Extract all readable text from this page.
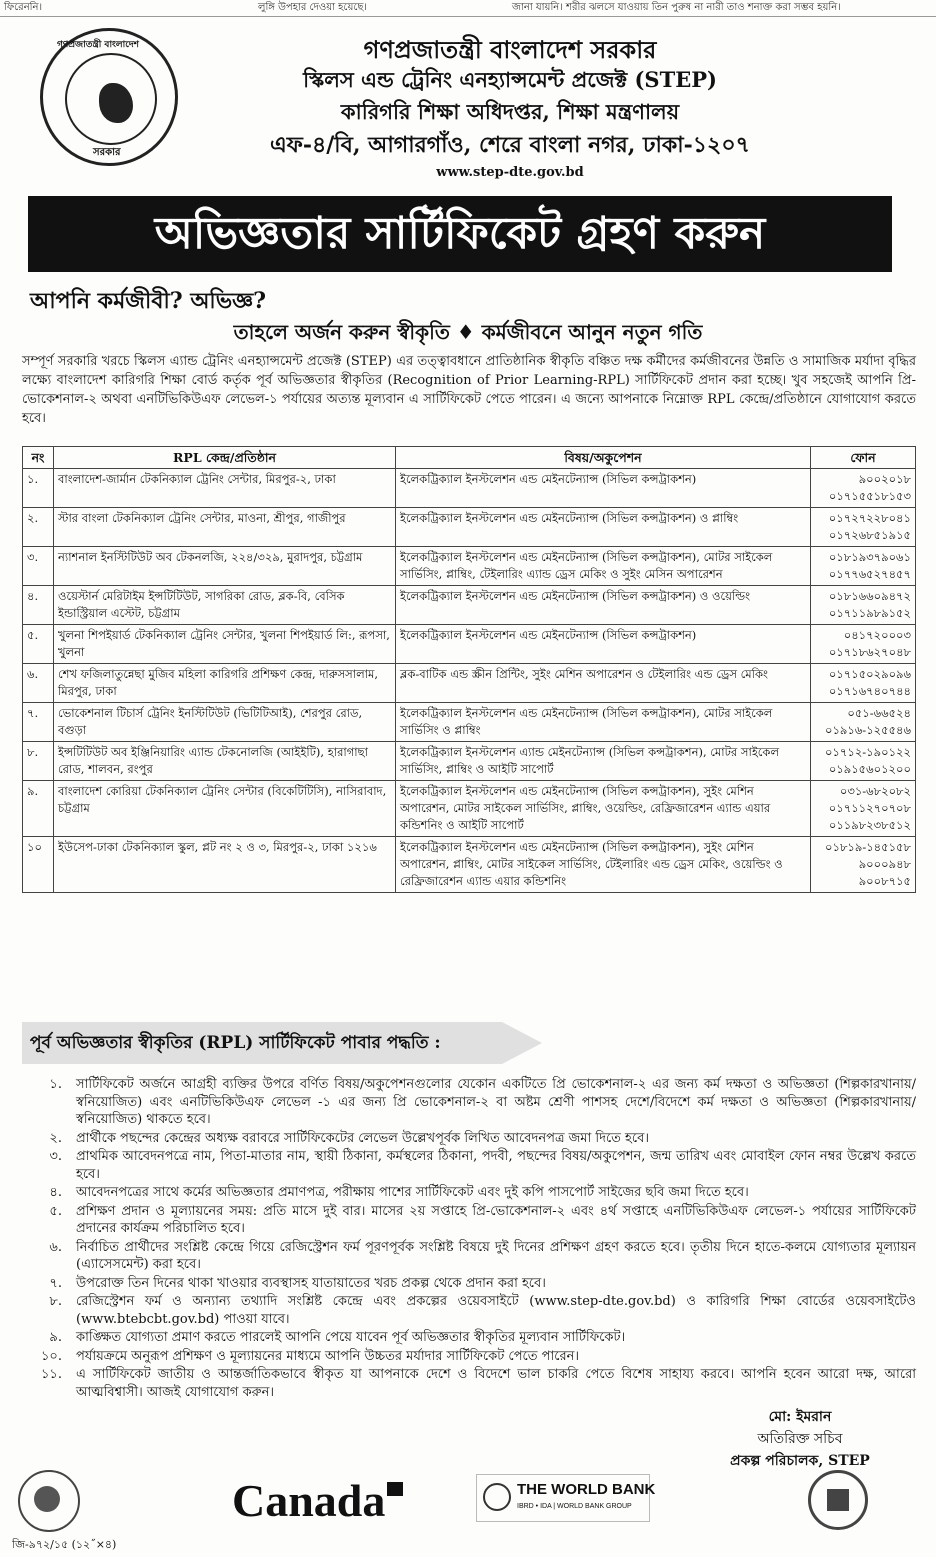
ফিরেননি।	লুঙ্গি উপহার দেওয়া হয়েছে।	জানা যায়নি। শরীর ঝলসে যাওয়ায় তিন পুরুষ না নারী তাও শনাক্ত করা সম্ভব হয়নি।
গণপ্রজাতন্ত্রী বাংলাদেশ
সরকার
গণপ্রজাতন্ত্রী বাংলাদেশ সরকার
স্কিলস এন্ড ট্রেনিং এনহ্যান্সমেন্ট প্রজেক্ট (STEP)
কারিগরি শিক্ষা অধিদপ্তর, শিক্ষা মন্ত্রণালয়
এফ-৪/বি, আগারগাঁও, শেরে বাংলা নগর, ঢাকা-১২০৭
www.step-dte.gov.bd
অভিজ্ঞতার সার্টিফিকেট গ্রহণ করুন
আপনি কর্মজীবী? অভিজ্ঞ?
তাহলে অর্জন করুন স্বীকৃতি ♦ কর্মজীবনে আনুন নতুন গতি
সম্পূর্ণ সরকারি খরচে স্কিলস এ্যান্ড ট্রেনিং এনহ্যান্সমেন্ট প্রজেক্ট (STEP) এর তত্ত্বাবধানে প্রাতিষ্ঠানিক স্বীকৃতি বঞ্চিত দক্ষ কর্মীদের কর্মজীবনের উন্নতি ও সামাজিক মর্যাদা বৃদ্ধির লক্ষ্যে বাংলাদেশ কারিগরি শিক্ষা বোর্ড কর্তৃক পূর্ব অভিজ্ঞতার স্বীকৃতির (Recognition of Prior Learning-RPL) সার্টিফিকেট প্রদান করা হচ্ছে। খুব সহজেই আপনি প্রি-ভোকেশনাল-২ অথবা এনটিভিকিউএফ লেভেল-১ পর্যায়ের অত্যন্ত মূল্যবান এ সার্টিফিকেট পেতে পারেন। এ জন্যে আপনাকে নিম্নোক্ত RPL কেন্দ্রে/প্রতিষ্ঠানে যোগাযোগ করতে হবে।
নং	RPL কেন্দ্র/প্রতিষ্ঠান	বিষয়/অকুপেশন	ফোন
১.	বাংলাদেশ-জার্মান টেকনিক্যাল ট্রেনিং সেন্টার, মিরপুর-২, ঢাকা	ইলেকট্রিক্যাল ইনস্টলেশন এন্ড মেইনটেন্যান্স (সিভিল কন্সট্রাকশন)	৯০০২০১৮
০১৭১৫৫১৮১৫৩

২.	স্টার বাংলা টেকনিক্যাল ট্রেনিং সেন্টার, মাওনা, শ্রীপুর, গাজীপুর	ইলেকট্রিক্যাল ইনস্টলেশন এন্ড মেইনটেন্যান্স (সিভিল কন্সট্রাকশন) ও প্লাম্বিং	০১৭২৭২২৮০৪১
০১৭২৬৮৫১৯১৫

৩.	ন্যাশনাল ইনস্টিটিউট অব টেকনলজি, ২২৪/৩২৯, মুরাদপুর, চট্টগ্রাম	ইলেকট্রিক্যাল ইনস্টলেশন এন্ড মেইনটেন্যান্স (সিভিল কন্সট্রাকশন), মোটর সাইকেল সার্ভিসিং, প্লাম্বিং, টেইলারিং এ্যান্ড ড্রেস মেকিং ও সুইং মেসিন অপারেশন	০১৮১৯৩৭৯০৬১
০১৭৭৬৫২৭৪৫৭

৪.	ওয়েস্টার্ন মেরিটাইম ইন্সটিটিউট, সাগরিকা রোড, ব্লক-বি, বেসিক ইন্ডাস্ট্রিয়াল এস্টেট, চট্টগ্রাম	ইলেকট্রিক্যাল ইনস্টলেশন এন্ড মেইনটেন্যান্স (সিভিল কন্সট্রাকশন) ও ওয়েল্ডিং	০১৮১৬৬০৯৪৭২
০১৭১১৯৮৯১৫২

৫.	খুলনা শিপইয়ার্ড টেকনিক্যাল ট্রেনিং সেন্টার, খুলনা শিপইয়ার্ড লি:, রূপসা, খুলনা	ইলেকট্রিক্যাল ইনস্টলেশন এন্ড মেইনটেন্যান্স (সিভিল কন্সট্রাকশন)	০৪১৭২০০০৩
০১৭১৮৬২৭০৪৮

৬.	শেখ ফজিলাতুন্নেছা মুজিব মহিলা কারিগরি প্রশিক্ষণ কেন্দ্র, দারুসসালাম, মিরপুর, ঢাকা	ব্লক-বাটিক এন্ড স্ক্রীন প্রিন্টিং, সুইং মেশিন অপারেশন ও টেইলারিং এন্ড ড্রেস মেকিং	০১৭১৫০২৯০৯৬
০১৭১৬৭৪০৭৪৪

৭.	ভোকেশনাল টিচার্স ট্রেনিং ইনস্টিটিউট (ভিটিটিআই), শেরপুর রোড, বগুড়া	ইলেকট্রিক্যাল ইনস্টলেশন এন্ড মেইনটেন্যান্স (সিভিল কন্সট্রাকশন), মোটর সাইকেল সার্ভিসিং ও প্লাম্বিং	০৫১-৬৬৫২৪
০১৯১৬-১২৫৫৪৬

৮.	ইন্সটিটিউট অব ইঞ্জিনিয়ারিং এ্যান্ড টেকনোলজি (আইইটি), হারাগাছা রোড, শালবন, রংপুর	ইলেকট্রিক্যাল ইনস্টলেশন এ্যান্ড মেইনটেন্যান্স (সিভিল কন্সট্রাকশন), মোটর সাইকেল সার্ভিসিং, প্লাম্বিং ও আইটি সাপোর্ট	০১৭১২-১৯০১২২
০১৯১৫৬০১২০০

৯.	বাংলাদেশ কোরিয়া টেকনিক্যাল ট্রেনিং সেন্টার (বিকেটিটিসি), নাসিরাবাদ, চট্টগ্রাম	ইলেকট্রিক্যাল ইনস্টলেশন এন্ড মেইনটেন্যান্স (সিভিল কন্সট্রাকশন), সুইং মেশিন অপারেশন, মোটর সাইকেল সার্ভিসিং, প্লাম্বিং, ওয়েল্ডিং, রেফ্রিজারেশন এ্যান্ড এয়ার কন্ডিশনিং ও আইটি সাপোর্ট	০৩১-৬৮২০৮২
০১৭১১২৭০৭০৮
০১১৯৮২৩৮৫১২

১০	ইউসেপ-ঢাকা টেকনিক্যাল স্কুল, প্লট নং ২ ও ৩, মিরপুর-২, ঢাকা ১২১৬	ইলেকট্রিক্যাল ইনস্টলেশন এন্ড মেইনটেন্যান্স (সিভিল কন্সট্রাকশন), সুইং মেশিন অপারেশন, প্লাম্বিং, মোটর সাইকেল সার্ভিসিং, টেইলারিং এন্ড ড্রেস মেকিং, ওয়েল্ডিং ও রেফ্রিজারেশন এ্যান্ড এয়ার কন্ডিশনিং	০১৮১৯-১৪৫১৫৮
৯০০০৯৪৮
৯০০৮৭১৫
পূর্ব অভিজ্ঞতার স্বীকৃতির (RPL) সার্টিফিকেট পাবার পদ্ধতি :
১.	সার্টিফিকেট অর্জনে আগ্রহী ব্যক্তির উপরে বর্ণিত বিষয়/অকুপেশনগুলোর যেকোন একটিতে প্রি ভোকেশনাল-২ এর জন্য কর্ম দক্ষতা ও অভিজ্ঞতা (শিল্পকারখানায়/স্বনিয়োজিত) এবং এনটিভিকিউএফ লেভেল -১ এর জন্য প্রি ভোকেশনাল-২ বা অষ্টম শ্রেণী পাশসহ দেশে/বিদেশে কর্ম দক্ষতা ও অভিজ্ঞতা (শিল্পকারখানায়/স্বনিয়োজিত) থাকতে হবে।
২.	প্রার্থীকে পছন্দের কেন্দ্রের অধ্যক্ষ বরাবরে সার্টিফিকেটের লেভেল উল্লেখপূর্বক লিখিত আবেদনপত্র জমা দিতে হবে।
৩.	প্রাথমিক আবেদনপত্রে নাম, পিতা-মাতার নাম, স্থায়ী ঠিকানা, কর্মস্থলের ঠিকানা, পদবী, পছন্দের বিষয়/অকুপেশন, জন্ম তারিখ এবং মোবাইল ফোন নম্বর উল্লেখ করতে হবে।
৪.	আবেদনপত্রের সাথে কর্মের অভিজ্ঞতার প্রমাণপত্র, পরীক্ষায় পাশের সার্টিফিকেট এবং দুই কপি পাসপোর্ট সাইজের ছবি জমা দিতে হবে।
৫.	প্রশিক্ষণ প্রদান ও মূল্যায়নের সময়: প্রতি মাসে দুই বার। মাসের ২য় সপ্তাহে প্রি-ভোকেশনাল-২ এবং ৪র্থ সপ্তাহে এনটিভিকিউএফ লেভেল-১ পর্যায়ের সার্টিফিকেট প্রদানের কার্যক্রম পরিচালিত হবে।
৬.	নির্বাচিত প্রার্থীদের সংশ্লিষ্ট কেন্দ্রে গিয়ে রেজিস্ট্রেশন ফর্ম পূরণপূর্বক সংশ্লিষ্ট বিষয়ে দুই দিনের প্রশিক্ষণ গ্রহণ করতে হবে। তৃতীয় দিনে হাতে-কলমে যোগ্যতার মূল্যায়ন (এ্যাসেসমেন্ট) করা হবে।
৭.	উপরোক্ত তিন দিনের থাকা খাওয়ার ব্যবস্থাসহ যাতায়াতের খরচ প্রকল্প থেকে প্রদান করা হবে।
৮.	রেজিস্ট্রেশন ফর্ম ও অন্যান্য তথ্যাদি সংশ্লিষ্ট কেন্দ্রে এবং প্রকল্পের ওয়েবসাইটে (www.step-dte.gov.bd) ও কারিগরি শিক্ষা বোর্ডের ওয়েবসাইটেও (www.btebcbt.gov.bd) পাওয়া যাবে।
৯.	কাঙ্ক্ষিত যোগ্যতা প্রমাণ করতে পারলেই আপনি পেয়ে যাবেন পূর্ব অভিজ্ঞতার স্বীকৃতির মূল্যবান সার্টিফিকেট।
১০.	পর্যায়ক্রমে অনুরূপ প্রশিক্ষণ ও মূল্যায়নের মাধ্যমে আপনি উচ্চতর মর্যাদার সার্টিফিকেট পেতে পারেন।
১১.	এ সার্টিফিকেট জাতীয় ও আন্তর্জাতিকভাবে স্বীকৃত যা আপনাকে দেশে ও বিদেশে ভাল চাকরি পেতে বিশেষ সাহায্য করবে। আপনি হবেন আরো দক্ষ, আরো আত্মবিশ্বাসী। আজই যোগাযোগ করুন।
মো: ইমরান
অতিরিক্ত সচিব
প্রকল্প পরিচালক, STEP
Canada	THE WORLD BANK
IBRD • IDA | WORLD BANK GROUP
জি-৯৭২/১৫ (১২˝×৪)
